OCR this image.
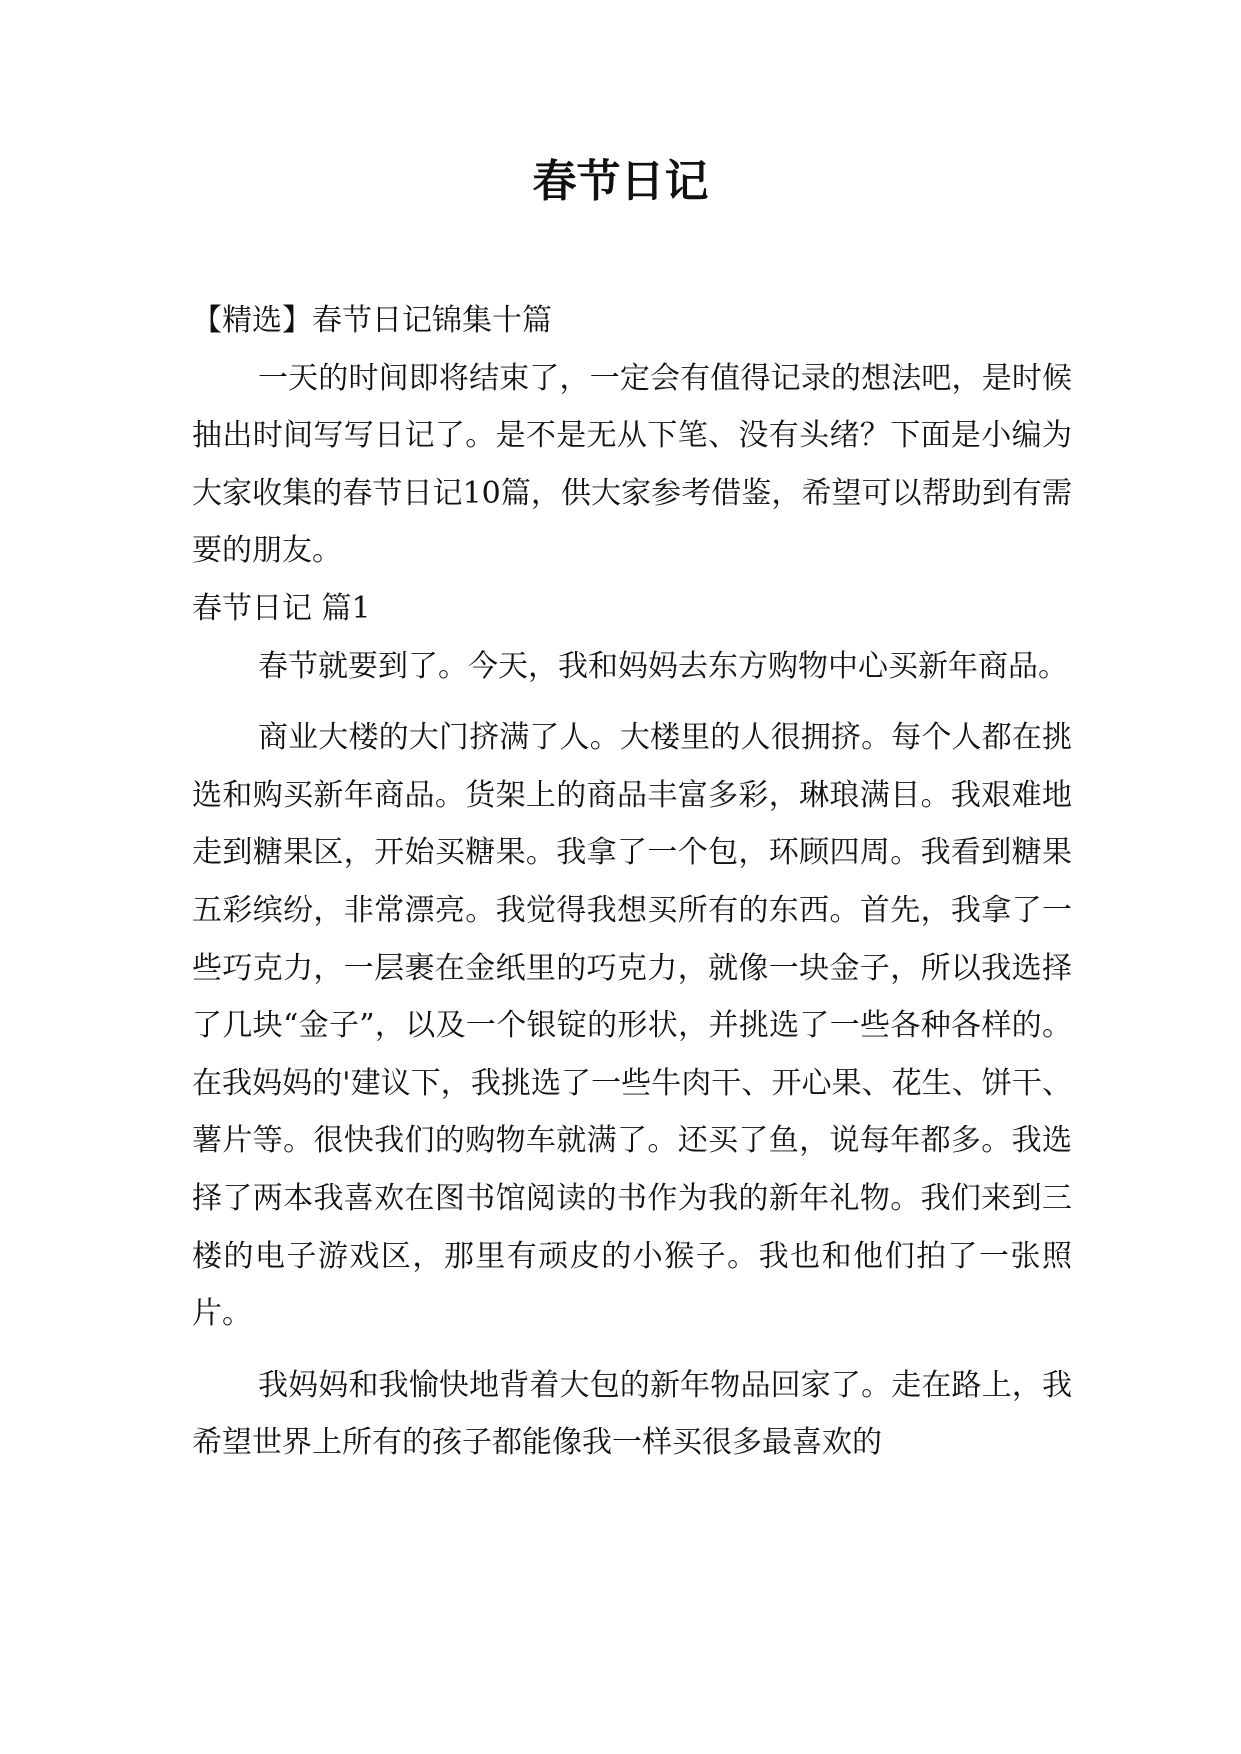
春节日记

【精选】春节日记锦集十篇

一天的时间即将结束了，一定会有值得记录的想法吧，是时候抽出时间写写日记了。是不是无从下笔、没有头绪？下面是小编为大家收集的春节日记10篇，供大家参考借鉴，希望可以帮助到有需要的朋友。

春节日记 篇1

春节就要到了。今天，我和妈妈去东方购物中心买新年商品。

商业大楼的大门挤满了人。大楼里的人很拥挤。每个人都在挑选和购买新年商品。货架上的商品丰富多彩，琳琅满目。我艰难地走到糖果区，开始买糖果。我拿了一个包，环顾四周。我看到糖果五彩缤纷，非常漂亮。我觉得我想买所有的东西。首先，我拿了一些巧克力，一层裹在金纸里的巧克力，就像一块金子，所以我选择了几块“金子”，以及一个银锭的形状，并挑选了一些各种各样的。在我妈妈的'建议下，我挑选了一些牛肉干、开心果、花生、饼干、薯片等。很快我们的购物车就满了。还买了鱼，说每年都多。我选择了两本我喜欢在图书馆阅读的书作为我的新年礼物。我们来到三楼的电子游戏区，那里有顽皮的小猴子。我也和他们拍了一张照片。

我妈妈和我愉快地背着大包的新年物品回家了。走在路上，我希望世界上所有的孩子都能像我一样买很多最喜欢的
